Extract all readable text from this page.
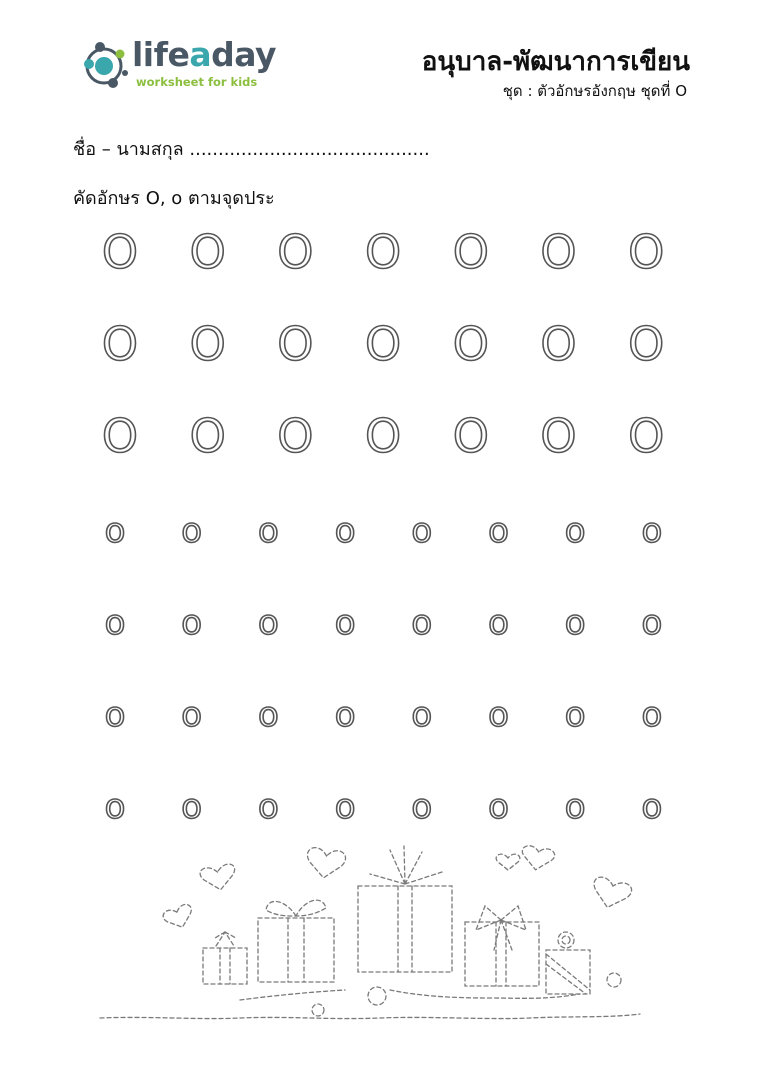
lifeaday
worksheet for kids
อนุบาล-พัฒนาการเขียน
ชุด : ตัวอักษรอังกฤษ ชุดที่ O
ชื่อ – นามสกุล ..........................................
คัดอักษร O, o ตามจุดประ
O O O O O O O
O O O O O O O
O O O O O O O
o o o o o o o o
o o o o o o o o
o o o o o o o o
o o o o o o o o
